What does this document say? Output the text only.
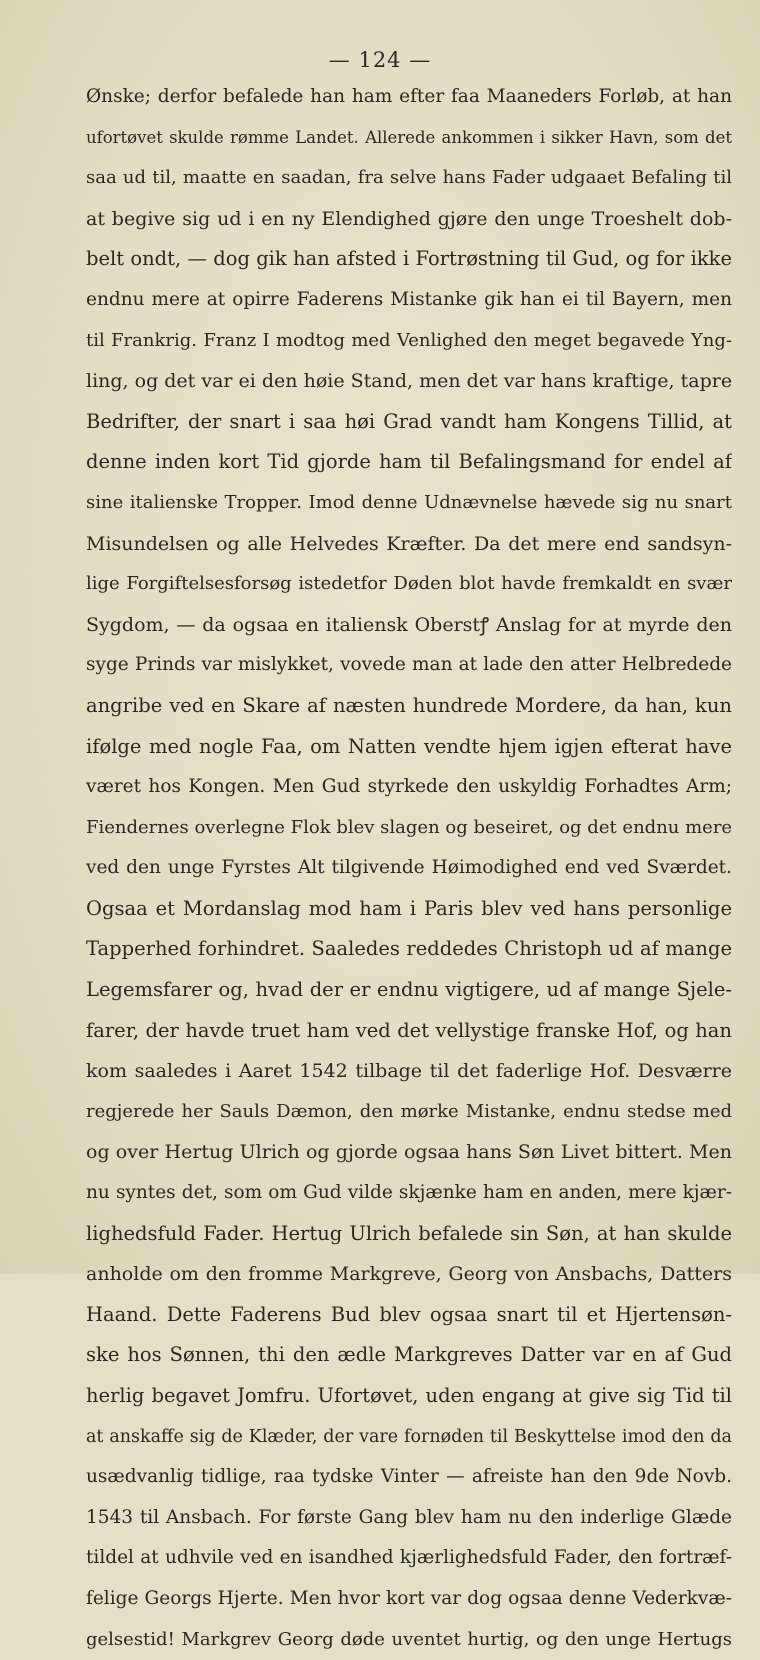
— 124 —
Ønske; derfor befalede han ham efter faa Maaneders Forløb, at han
ufortøvet skulde rømme Landet. Allerede ankommen i sikker Havn, som det
saa ud til, maatte en saadan, fra selve hans Fader udgaaet Befaling til
at begive sig ud i en ny Elendighed gjøre den unge Troeshelt dob-
belt ondt, — dog gik han afsted i Fortrøstning til Gud, og for ikke
endnu mere at opirre Faderens Mistanke gik han ei til Bayern, men
til Frankrig. Franz I modtog med Venlighed den meget begavede Yng-
ling, og det var ei den høie Stand, men det var hans kraftige, tapre
Bedrifter, der snart i saa høi Grad vandt ham Kongens Tillid, at
denne inden kort Tid gjorde ham til Befalingsmand for endel af
sine italienske Tropper. Imod denne Udnævnelse hævede sig nu snart
Misundelsen og alle Helvedes Kræfter. Da det mere end sandsyn-
lige Forgiftelsesforsøg istedetfor Døden blot havde fremkaldt en svær
Sygdom, — da ogsaa en italiensk Oberstꝭ Anslag for at myrde den
syge Prinds var mislykket, vovede man at lade den atter Helbredede
angribe ved en Skare af næsten hundrede Mordere, da han, kun
ifølge med nogle Faa, om Natten vendte hjem igjen efterat have
været hos Kongen. Men Gud styrkede den uskyldig Forhadtes Arm;
Fiendernes overlegne Flok blev slagen og beseiret, og det endnu mere
ved den unge Fyrstes Alt tilgivende Høimodighed end ved Sværdet.
Ogsaa et Mordanslag mod ham i Paris blev ved hans personlige
Tapperhed forhindret. Saaledes reddedes Christoph ud af mange
Legemsfarer og, hvad der er endnu vigtigere, ud af mange Sjele-
farer, der havde truet ham ved det vellystige franske Hof, og han
kom saaledes i Aaret 1542 tilbage til det faderlige Hof. Desværre
regjerede her Sauls Dæmon, den mørke Mistanke, endnu stedse med
og over Hertug Ulrich og gjorde ogsaa hans Søn Livet bittert. Men
nu syntes det, som om Gud vilde skjænke ham en anden, mere kjær-
lighedsfuld Fader. Hertug Ulrich befalede sin Søn, at han skulde
anholde om den fromme Markgreve, Georg von Ansbachs, Datters
Haand. Dette Faderens Bud blev ogsaa snart til et Hjertensøn-
ske hos Sønnen, thi den ædle Markgreves Datter var en af Gud
herlig begavet Jomfru. Ufortøvet, uden engang at give sig Tid til
at anskaffe sig de Klæder, der vare fornøden til Beskyttelse imod den da
usædvanlig tidlige, raa tydske Vinter — afreiste han den 9de Novb.
1543 til Ansbach. For første Gang blev ham nu den inderlige Glæde
tildel at udhvile ved en isandhed kjærlighedsfuld Fader, den fortræf-
felige Georgs Hjerte. Men hvor kort var dog ogsaa denne Vederkvæ-
gelsestid! Markgrev Georg døde uventet hurtig, og den unge Hertugs
